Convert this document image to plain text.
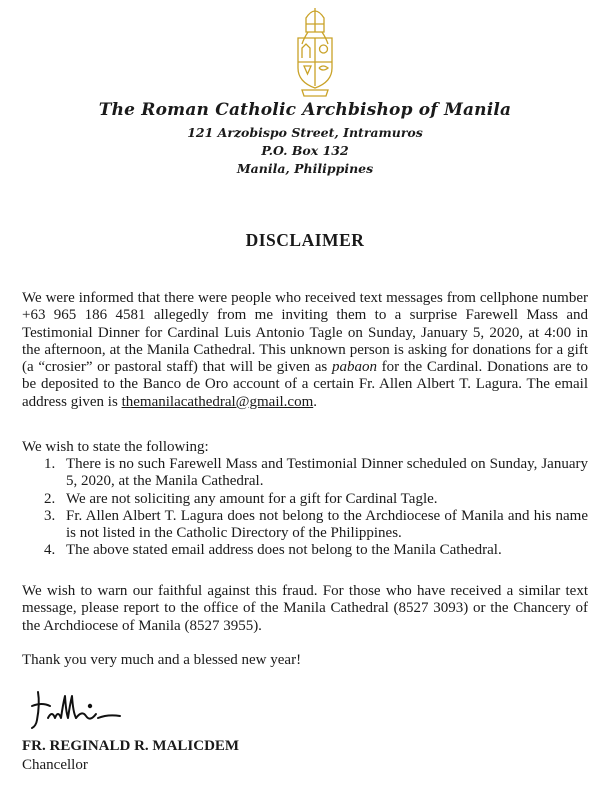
The Roman Catholic Archbishop of Manila
121 Arzobispo Street, Intramuros
P.O. Box 132
Manila, Philippines
DISCLAIMER
We were informed that there were people who received text messages from cellphone number +63 965 186 4581 allegedly from me inviting them to a surprise Farewell Mass and Testimonial Dinner for Cardinal Luis Antonio Tagle on Sunday, January 5, 2020, at 4:00 in the afternoon, at the Manila Cathedral. This unknown person is asking for donations for a gift (a “crosier” or pastoral staff) that will be given as pabaon for the Cardinal. Donations are to be deposited to the Banco de Oro account of a certain Fr. Allen Albert T. Lagura. The email address given is themanilacathedral@gmail.com.
We wish to state the following:
1. There is no such Farewell Mass and Testimonial Dinner scheduled on Sunday, January 5, 2020, at the Manila Cathedral.
2. We are not soliciting any amount for a gift for Cardinal Tagle.
3. Fr. Allen Albert T. Lagura does not belong to the Archdiocese of Manila and his name is not listed in the Catholic Directory of the Philippines.
4. The above stated email address does not belong to the Manila Cathedral.
We wish to warn our faithful against this fraud. For those who have received a similar text message, please report to the office of the Manila Cathedral (8527 3093) or the Chancery of the Archdiocese of Manila (8527 3955).
Thank you very much and a blessed new year!
FR. REGINALD R. MALICDEM
Chancellor
